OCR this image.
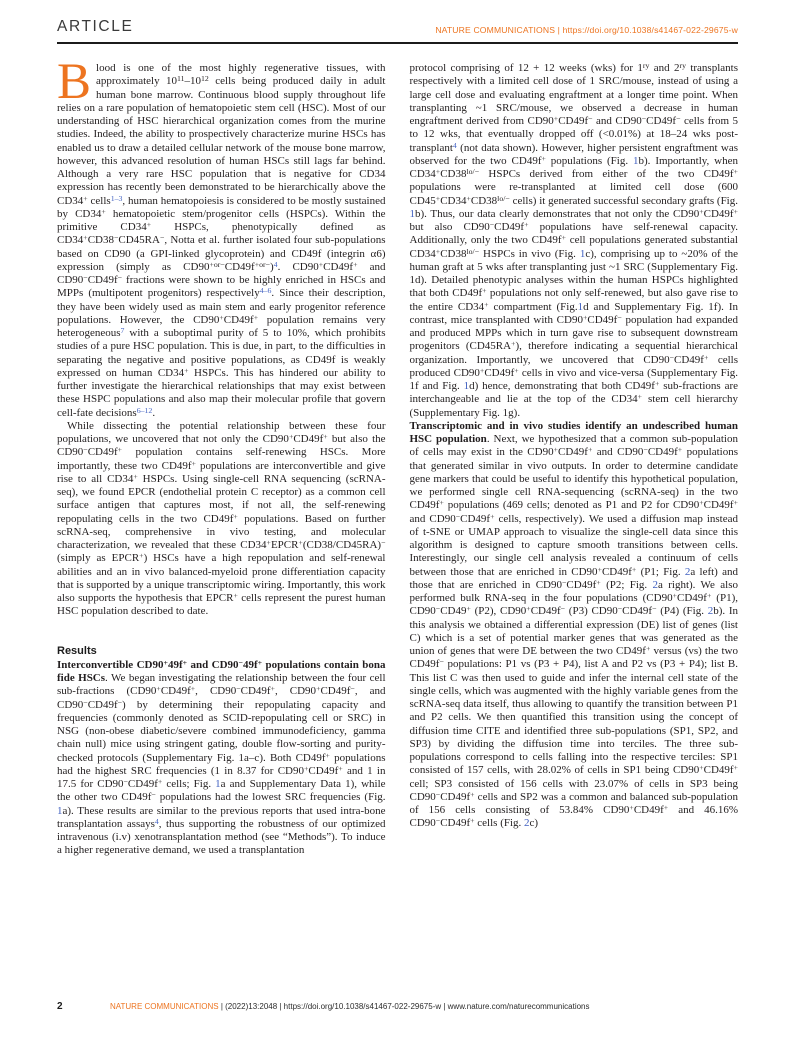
ARTICLE	NATURE COMMUNICATIONS | https://doi.org/10.1038/s41467-022-29675-w

Blood is one of the most highly regenerative tissues, with approximately $10^{11}-10^{12}$ cells being produced daily in adult human bone marrow. Continuous blood supply throughout life relies on a rare population of hematopoietic stem cell (HSC). Most of our understanding of HSC hierarchical organization comes from the murine studies. Indeed, the ability to prospectively characterize murine HSCs has enabled us to draw a detailed cellular network of the mouse bone marrow, however, this advanced resolution of human HSCs still lags far behind. Although a very rare HSC population that is negative for CD34 expression has recently been demonstrated to be hierarchically above the CD34+ cells$^{1-3}$, human hematopoiesis is considered to be mostly sustained by CD34+ hematopoietic stem/progenitor cells (HSPCs). Within the primitive CD34+ HSPCs, phenotypically defined as CD34+CD38−CD45RA−, Notta et al. further isolated four sub-populations based on CD90 (a GPI-linked glycoprotein) and CD49f (integrin α6) expression (simply as $CD90^{+or-}CD49f^{+or-})^4$. CD90+CD49f+ and CD90−CD49f− fractions were shown to be highly enriched in HSCs and MPPs (multipotent progenitors) respectively$^{4-6}$. Since their description, they have been widely used as main stem and early progenitor reference populations. However, the CD90+CD49f+ population remains very heterogeneous$^7$ with a suboptimal purity of 5 to 10%, which prohibits studies of a pure HSC population. This is due, in part, to the difficulties in separating the negative and positive populations, as CD49f is weakly expressed on human CD34+ HSPCs. This has hindered our ability to further investigate the hierarchical relationships that may exist between these HSPC populations and also map their molecular profile that govern cell-fate decisions$^{6-12}$.

While dissecting the potential relationship between these four populations, we uncovered that not only the CD90+CD49f+ but also the CD90−CD49f+ population contains self-renewing HSCs. More importantly, these two CD49f+ populations are interconvertible and give rise to all CD34+ HSPCs. Using single-cell RNA sequencing (scRNA-seq), we found EPCR (endothelial protein C receptor) as a common cell surface antigen that captures most, if not all, the self-renewing repopulating cells in the two CD49f+ populations. Based on further scRNA-seq, comprehensive in vivo testing, and molecular characterization, we revealed that these CD34+EPCR+(CD38/CD45RA)− (simply as EPCR+) HSCs have a high repopulation and self-renewal abilities and an in vivo balanced-myeloid prone differentiation capacity that is supported by a unique transcriptomic wiring. Importantly, this work also supports the hypothesis that EPCR+ cells represent the purest human HSC population described to date.

Results

Interconvertible CD90+49f+ and CD90−49f+ populations contain bona fide HSCs. We began investigating the relationship between the four cell sub-fractions (CD90+CD49f+, CD90−CD49f+, CD90+CD49f−, and CD90−CD49f−) by determining their repopulating capacity and frequencies (commonly denoted as SCID-repopulating cell or SRC) in NSG (non-obese diabetic/severe combined immunodeficiency, gamma chain null) mice using stringent gating, double flow-sorting and purity-checked protocols (Supplementary Fig. 1a–c). Both CD49f+ populations had the highest SRC frequencies (1 in 8.37 for CD90+CD49f+ and 1 in 17.5 for CD90−CD49f+ cells; Fig. 1a and Supplementary Data 1), while the other two CD49f− populations had the lowest SRC frequencies (Fig. 1a). These results are similar to the previous reports that used intra-bone transplantation assays$^4$, thus supporting the robustness of our optimized intravenous (i.v) xenotransplantation method (see “Methods”). To induce a higher regenerative demand, we used a transplantation

protocol comprising of 12 + 12 weeks (wks) for $1^{ry}$ and $2^{ry}$ transplants respectively with a limited cell dose of 1 SRC/mouse, instead of using a large cell dose and evaluating engraftment at a longer time point. When transplanting ~1 SRC/mouse, we observed a decrease in human engraftment derived from CD90+CD49f− and CD90−CD49f− cells from 5 to 12 wks, that eventually dropped off (<0.01%) at 18–24 wks post-transplant$^4$ (not data shown). However, higher persistent engraftment was observed for the two CD49f+ populations (Fig. 1b). Importantly, when $CD34^+CD38^{lo/-}$ HSPCs derived from either of the two CD49f+ populations were re-transplanted at limited cell dose (600 $CD45^+CD34^+CD38^{lo/-}$ cells) it generated successful secondary grafts (Fig. 1b). Thus, our data clearly demonstrates that not only the CD90+CD49f+ but also CD90−CD49f+ populations have self-renewal capacity. Additionally, only the two CD49f+ cell populations generated substantial $CD34^+CD38^{lo/-}$ HSPCs in vivo (Fig. 1c), comprising up to ~20% of the human graft at 5 wks after transplanting just ~1 SRC (Supplementary Fig. 1d). Detailed phenotypic analyses within the human HSPCs highlighted that both CD49f+ populations not only self-renewed, but also gave rise to the entire CD34+ compartment (Fig.1d and Supplementary Fig. 1f). In contrast, mice transplanted with CD90+CD49f− population had expanded and produced MPPs which in turn gave rise to subsequent downstream progenitors (CD45RA+), therefore indicating a sequential hierarchical organization. Importantly, we uncovered that CD90−CD49f+ cells produced CD90+CD49f+ cells in vivo and vice-versa (Supplementary Fig. 1f and Fig. 1d) hence, demonstrating that both CD49f+ sub-fractions are interchangeable and lie at the top of the CD34+ stem cell hierarchy (Supplementary Fig. 1g).

Transcriptomic and in vivo studies identify an undescribed human HSC population. Next, we hypothesized that a common sub-population of cells may exist in the CD90+CD49f+ and CD90−CD49f+ populations that generated similar in vivo outputs. In order to determine candidate gene markers that could be useful to identify this hypothetical population, we performed single cell RNA-sequencing (scRNA-seq) in the two CD49f+ populations (469 cells; denoted as P1 and P2 for CD90+CD49f+ and CD90−CD49f+ cells, respectively). We used a diffusion map instead of t-SNE or UMAP approach to visualize the single-cell data since this algorithm is designed to capture smooth transitions between cells. Interestingly, our single cell analysis revealed a continuum of cells between those that are enriched in CD90+CD49f+ (P1; Fig. 2a left) and those that are enriched in CD90−CD49f+ (P2; Fig. 2a right). We also performed bulk RNA-seq in the four populations (CD90+CD49f+ (P1), CD90−CD49+ (P2), CD90+CD49f− (P3) CD90−CD49f− (P4) (Fig. 2b). In this analysis we obtained a differential expression (DE) list of genes (list C) which is a set of potential marker genes that was generated as the union of genes that were DE between the two CD49f+ versus (vs) the two CD49f− populations: P1 vs (P3 + P4), list A and P2 vs (P3 + P4); list B. This list C was then used to guide and infer the internal cell state of the single cells, which was augmented with the highly variable genes from the scRNA-seq data itself, thus allowing to quantify the transition between P1 and P2 cells. We then quantified this transition using the concept of diffusion time CITE and identified three sub-populations (SP1, SP2, and SP3) by dividing the diffusion time into terciles. The three sub-populations correspond to cells falling into the respective terciles: SP1 consisted of 157 cells, with 28.02% of cells in SP1 being CD90+CD49f+ cell; SP3 consisted of 156 cells with 23.07% of cells in SP3 being CD90−CD49f+ cells and SP2 was a common and balanced sub-population of 156 cells consisting of 53.84% CD90+CD49f+ and 46.16% CD90−CD49f+ cells (Fig. 2c)

2	NATURE COMMUNICATIONS | (2022)13:2048 | https://doi.org/10.1038/s41467-022-29675-w | www.nature.com/naturecommunications
